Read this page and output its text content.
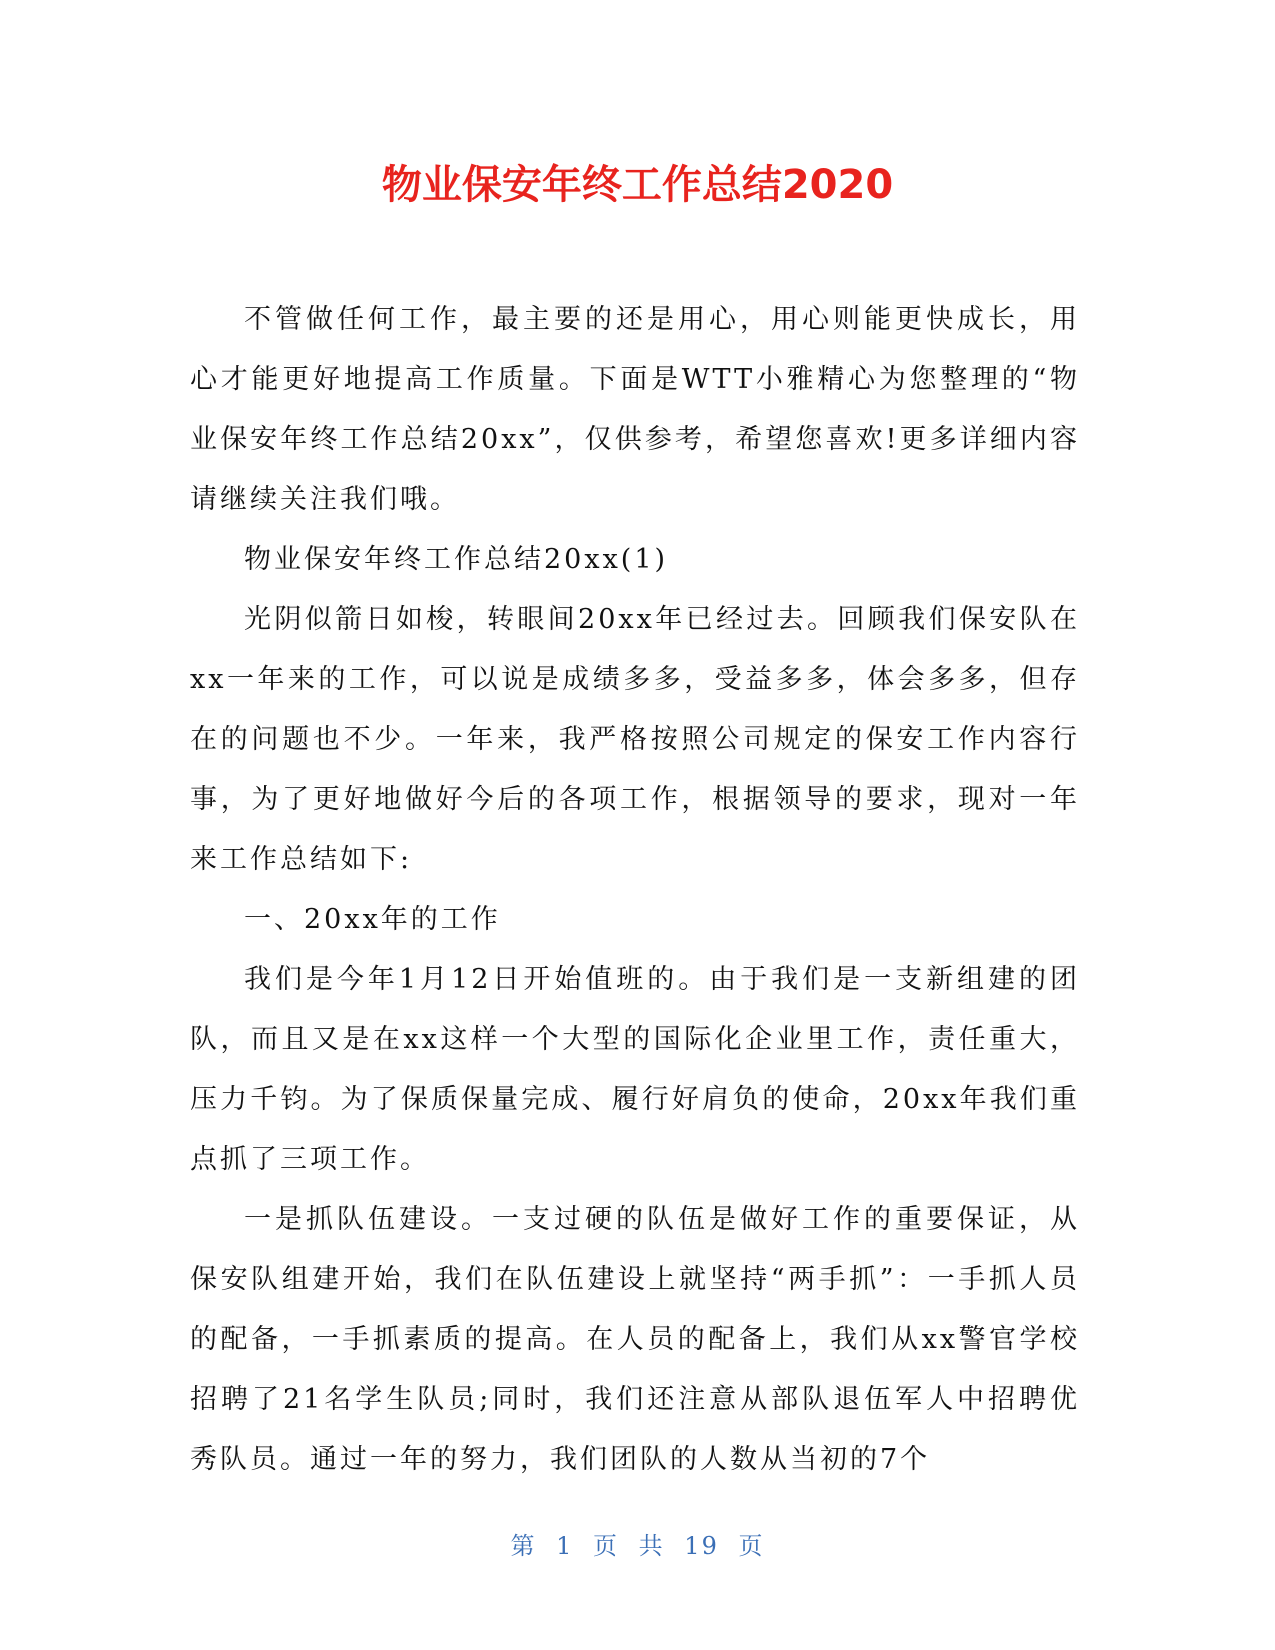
物业保安年终工作总结2020

不管做任何工作，最主要的还是用心，用心则能更快成长，用心才能更好地提高工作质量。下面是WTT小雅精心为您整理的“物业保安年终工作总结20xx”，仅供参考，希望您喜欢!更多详细内容请继续关注我们哦。

物业保安年终工作总结20xx(1)

光阴似箭日如梭，转眼间20xx年已经过去。回顾我们保安队在xx一年来的工作，可以说是成绩多多，受益多多，体会多多，但存在的问题也不少。一年来，我严格按照公司规定的保安工作内容行事，为了更好地做好今后的各项工作，根据领导的要求，现对一年来工作总结如下:

一、20xx年的工作

我们是今年1月12日开始值班的。由于我们是一支新组建的团队，而且又是在xx这样一个大型的国际化企业里工作，责任重大，压力千钧。为了保质保量完成、履行好肩负的使命，20xx年我们重点抓了三项工作。

一是抓队伍建设。一支过硬的队伍是做好工作的重要保证，从保安队组建开始，我们在队伍建设上就坚持“两手抓”：一手抓人员的配备，一手抓素质的提高。在人员的配备上，我们从xx警官学校招聘了21名学生队员;同时，我们还注意从部队退伍军人中招聘优秀队员。通过一年的努力，我们团队的人数从当初的7个

第 1 页 共 19 页
